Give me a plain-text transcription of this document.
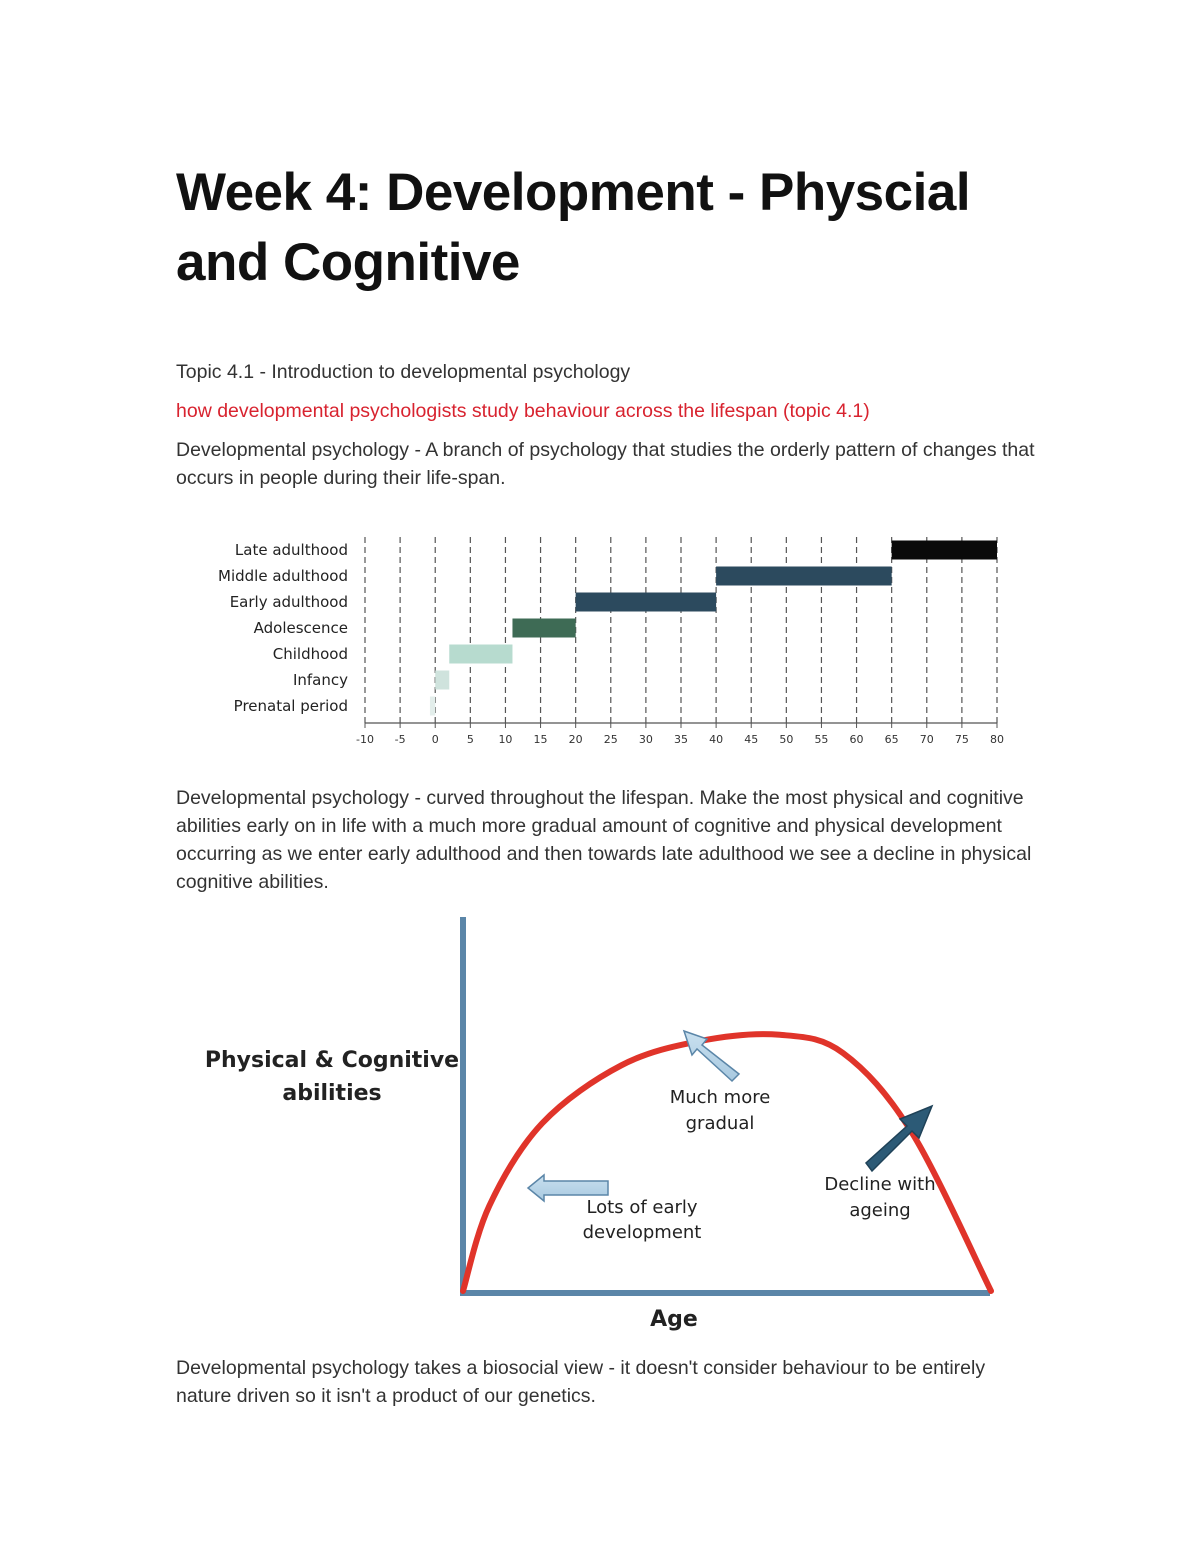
Week 4: Development - Physcial and Cognitive

Topic 4.1 - Introduction to developmental psychology

how developmental psychologists study behaviour across the lifespan (topic 4.1)

Developmental psychology - A branch of psychology that studies the orderly pattern of changes that occurs in people during their life-span.

Late adulthood
Middle adulthood
Early adulthood
Adolescence
Childhood
Infancy
Prenatal period
-10 -5 0	5 10 15 20 25 30 35 40 45 50 55 60 65 70 75 80

Developmental psychology - curved throughout the lifespan. Make the most physical and cognitive abilities early on in life with a much more gradual amount of cognitive and physical development occurring as we enter early adulthood and then towards late adulthood we see a decline in physical cognitive abilities.

Physical & Cognitive
abilities
Age
Lots of early
development
Much more
gradual
Decline with
ageing

Developmental psychology takes a biosocial view - it doesn't consider behaviour to be entirely nature driven so it isn't a product of our genetics.
